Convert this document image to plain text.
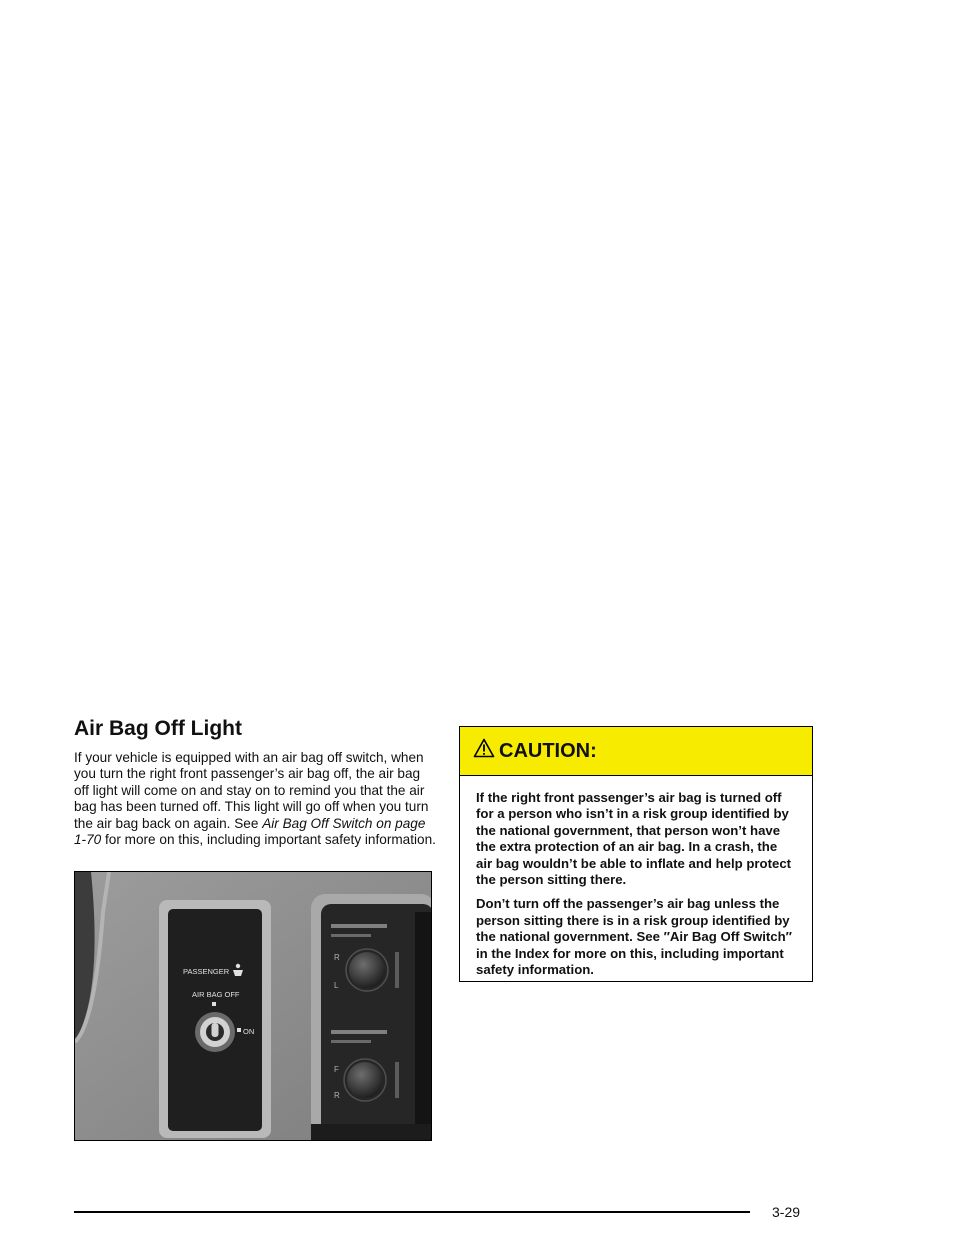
Air Bag Off Light

If your vehicle is equipped with an air bag off switch, when you turn the right front passenger’s air bag off, the air bag off light will come on and stay on to remind you that the air bag has been turned off. This light will go off when you turn the air bag back on again. See Air Bag Off Switch on page 1-70 for more on this, including important safety information.

PASSENGER
AIR BAG OFF
ON
R
L
F
R
CAUTION:

If the right front passenger’s air bag is turned off for a person who isn’t in a risk group identified by the national government, that person won’t have the extra protection of an air bag. In a crash, the air bag wouldn’t be able to inflate and help protect the person sitting there.

Don’t turn off the passenger’s air bag unless the person sitting there is in a risk group identified by the national government. See ″Air Bag Off Switch″ in the Index for more on this, including important safety information.

3-29
